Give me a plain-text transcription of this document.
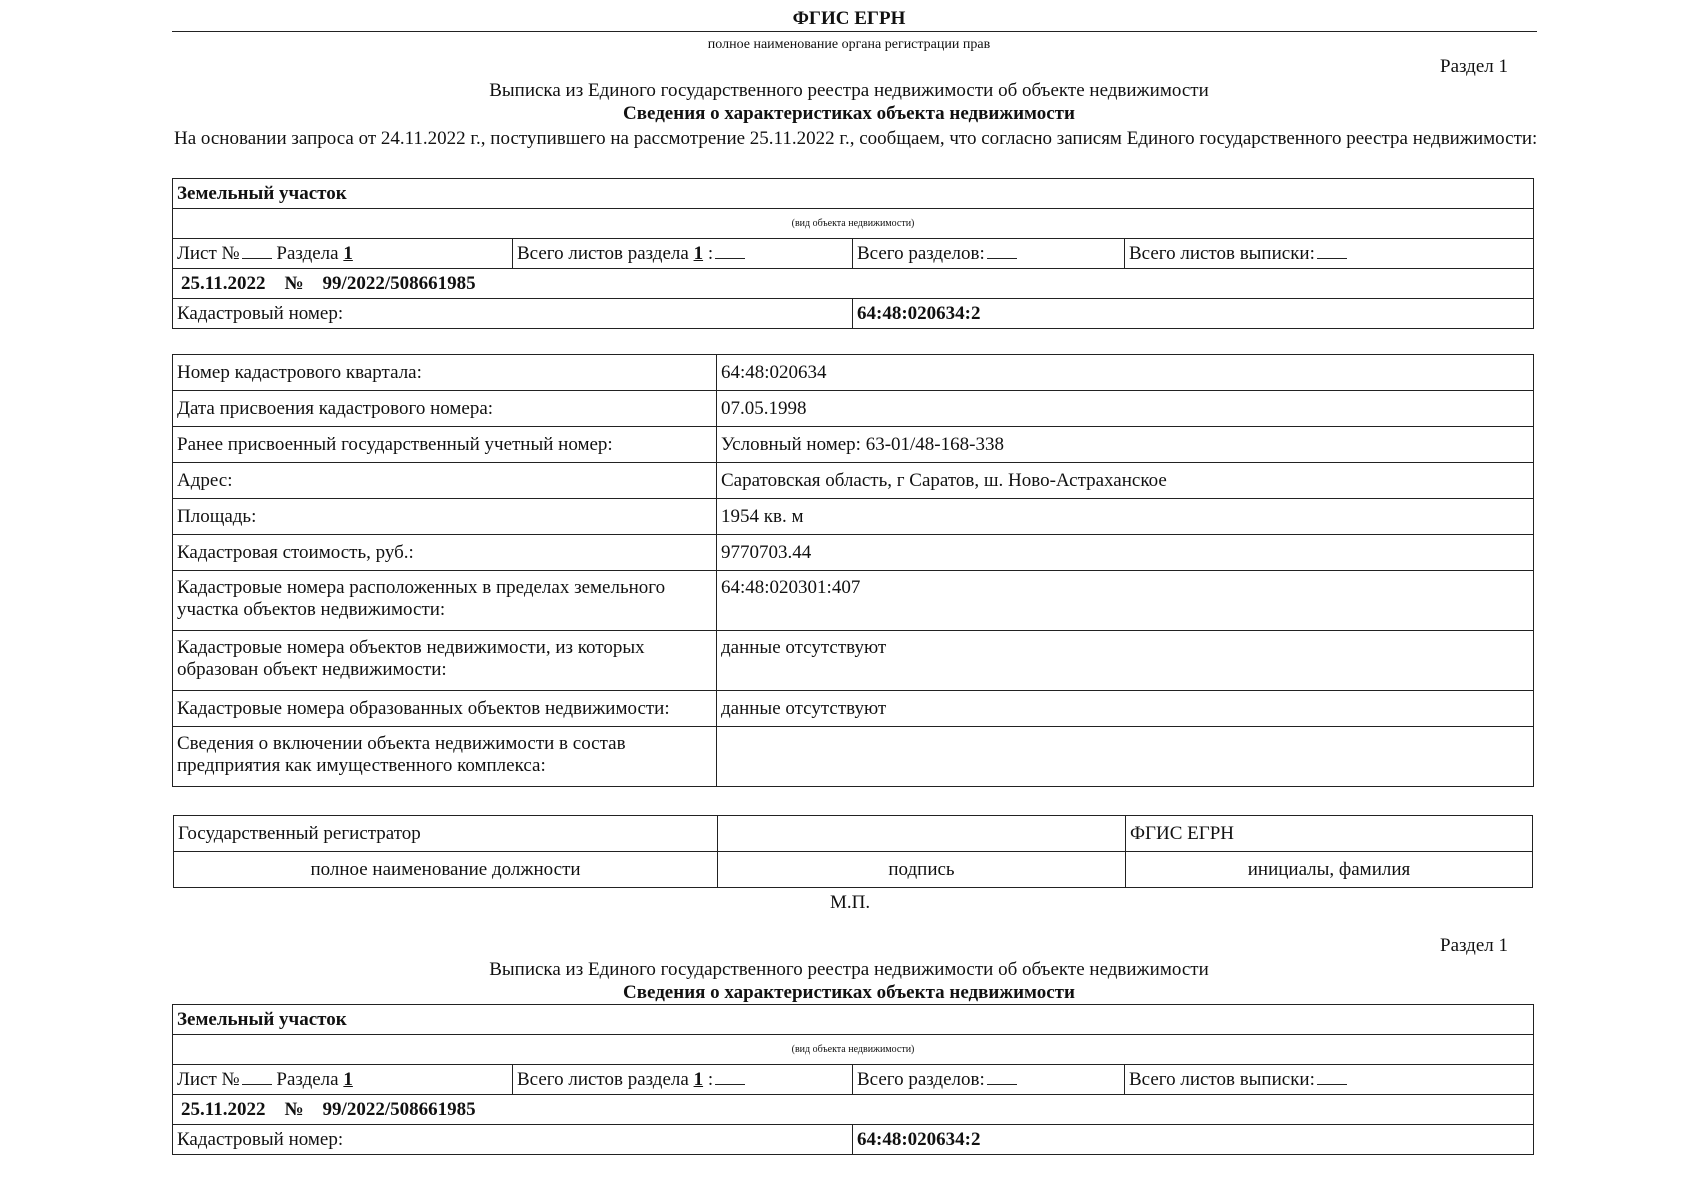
ФГИС ЕГРН
полное наименование органа регистрации прав
Раздел 1
Выписка из Единого государственного реестра недвижимости об объекте недвижимости
Сведения о характеристиках объекта недвижимости
На основании запроса от 24.11.2022 г., поступившего на рассмотрение 25.11.2022 г., сообщаем, что согласно записям Единого государственного реестра недвижимости:
Земельный участок			
(вид объекта недвижимости)			
Лист № Раздела 1	Всего листов раздела 1 :	Всего разделов:	Всего листов выписки:
25.11.2022 № 99/2022/508661985			
Кадастровый номер:		64:48:020634:2	
Номер кадастрового квартала:	64:48:020634
Дата присвоения кадастрового номера:	07.05.1998
Ранее присвоенный государственный учетный номер:	Условный номер: 63-01/48-168-338
Адрес:	Саратовская область, г Саратов, ш. Ново-Астраханское
Площадь:	1954 кв. м
Кадастровая стоимость, руб.:	9770703.44
Кадастровые номера расположенных в пределах земельного участка объектов недвижимости:	64:48:020301:407
Кадастровые номера объектов недвижимости, из которых образован объект недвижимости:	данные отсутствуют
Кадастровые номера образованных объектов недвижимости:	данные отсутствуют
Сведения о включении объекта недвижимости в состав предприятия как имущественного комплекса:	
Государственный регистратор		ФГИС ЕГРН
полное наименование должности	подпись	инициалы, фамилия
М.П.
Раздел 1
Выписка из Единого государственного реестра недвижимости об объекте недвижимости
Сведения о характеристиках объекта недвижимости
Земельный участок			
(вид объекта недвижимости)			
Лист № Раздела 1	Всего листов раздела 1 :	Всего разделов:	Всего листов выписки:
25.11.2022 № 99/2022/508661985			
Кадастровый номер:		64:48:020634:2	
